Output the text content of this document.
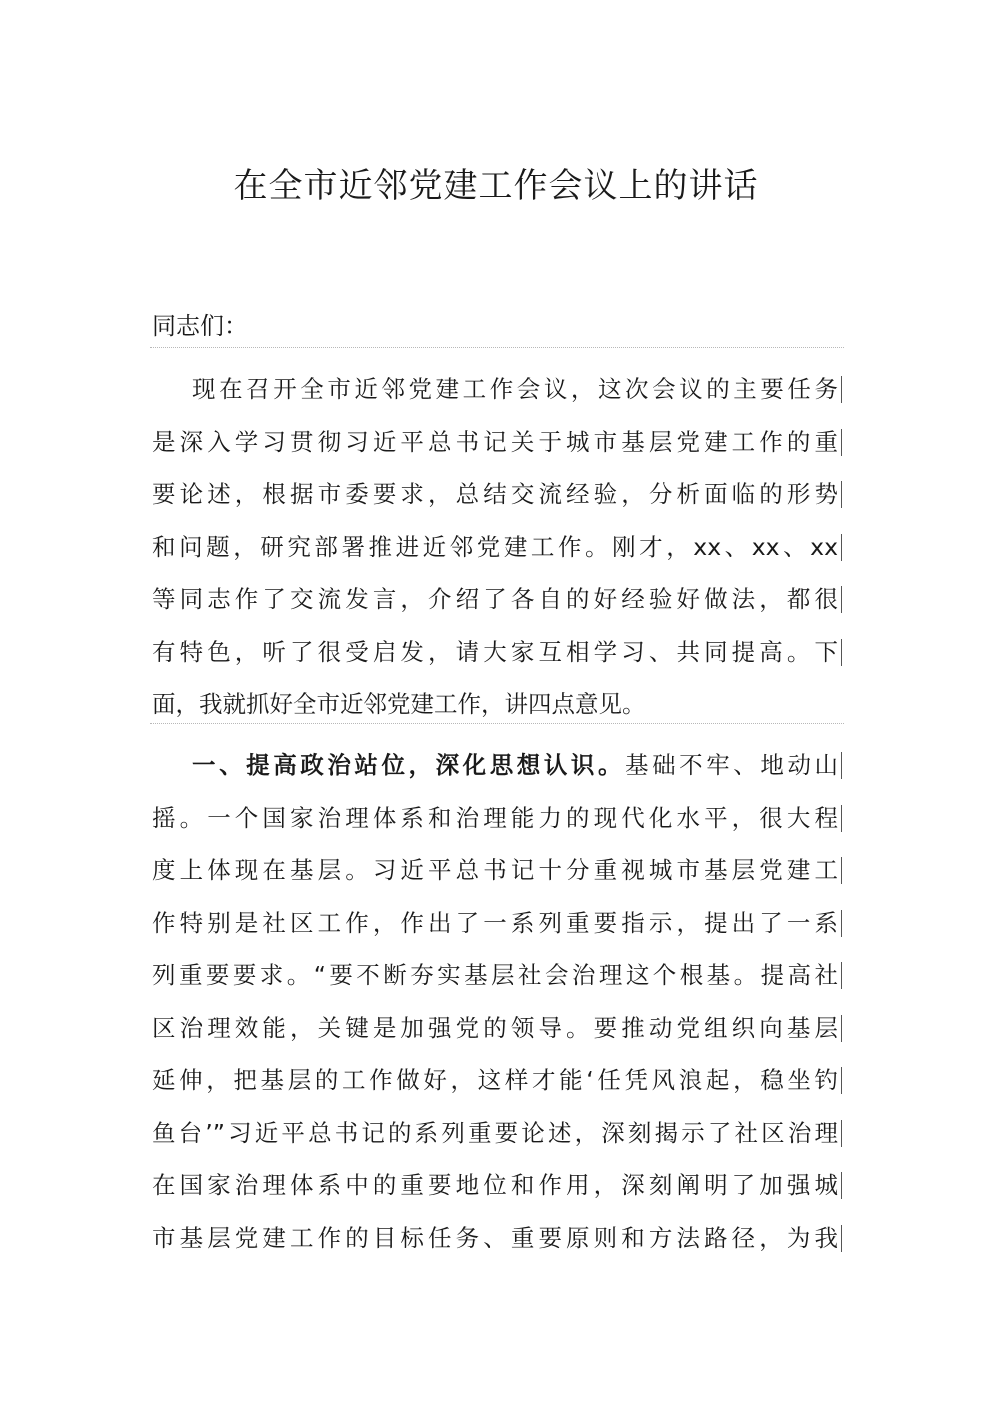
在全市近邻党建工作会议上的讲话

同志们：

现在召开全市近邻党建工作会议，这次会议的主要任务
是深入学习贯彻习近平总书记关于城市基层党建工作的重
要论述，根据市委要求，总结交流经验，分析面临的形势
和问题，研究部署推进近邻党建工作。刚才，xx、xx、xx
等同志作了交流发言，介绍了各自的好经验好做法，都很
有特色，听了很受启发，请大家互相学习、共同提高。下
面，我就抓好全市近邻党建工作，讲四点意见。
一、提高政治站位，深化思想认识。基础不牢、地动山
摇。一个国家治理体系和治理能力的现代化水平，很大程
度上体现在基层。习近平总书记十分重视城市基层党建工
作特别是社区工作，作出了一系列重要指示，提出了一系
列重要要求。“要不断夯实基层社会治理这个根基。提高社
区治理效能，关键是加强党的领导。要推动党组织向基层
延伸，把基层的工作做好，这样才能‘任凭风浪起，稳坐钓
鱼台’”习近平总书记的系列重要论述，深刻揭示了社区治理
在国家治理体系中的重要地位和作用，深刻阐明了加强城
市基层党建工作的目标任务、重要原则和方法路径，为我
